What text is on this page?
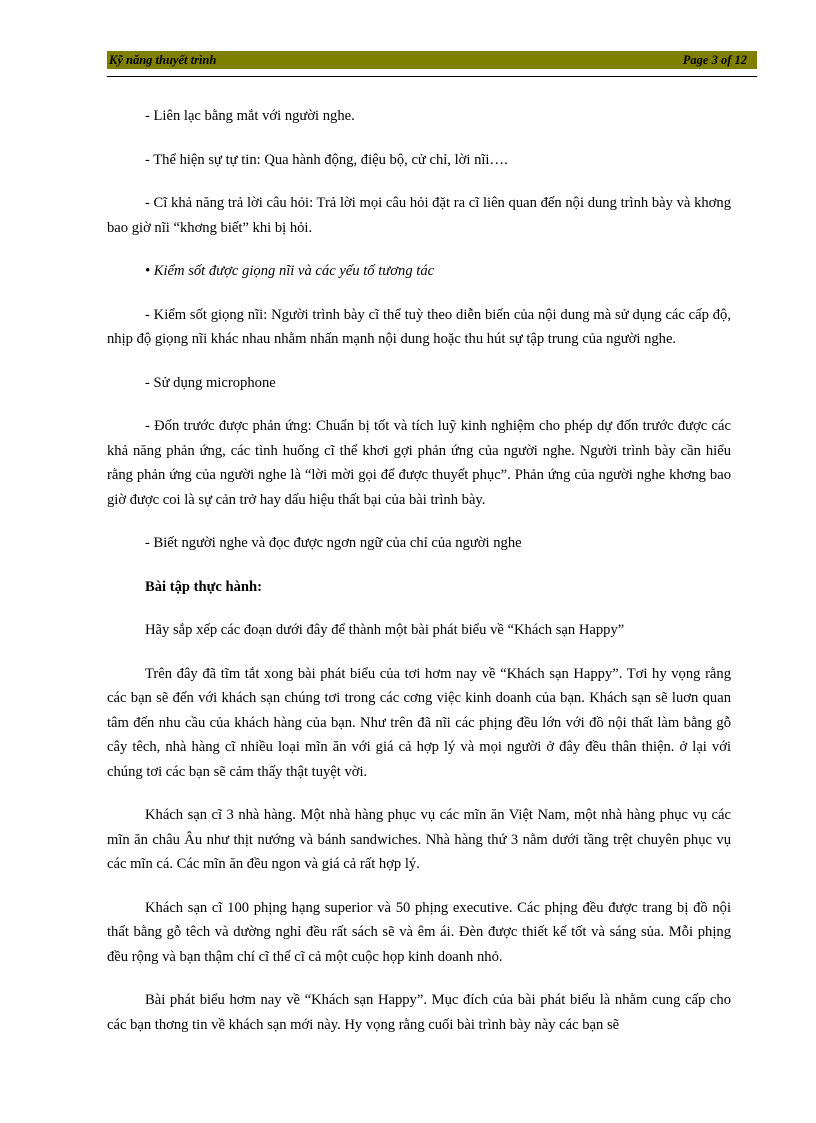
Kỹ năng thuyết trình	Page 3 of 12

- Liên lạc bằng mắt với người nghe.

- Thể hiện sự tự tin: Qua hành động, điệu bộ, cử chỉ, lời nĩi….

- Cĩ khả năng trả lời câu hỏi: Trả lời mọi câu hỏi đặt ra cĩ liên quan đến nội dung trình bày và khơng bao giờ nĩi “khơng biết” khi bị hỏi.

• Kiểm sốt được giọng nĩi và các yếu tố tương tác

- Kiểm sốt giọng nĩi: Người trình bày cĩ thể tuỳ theo diễn biến của nội dung mà sử dụng các cấp độ, nhịp độ giọng nĩi khác nhau nhằm nhấn mạnh nội dung hoặc thu hút sự tập trung của người nghe.

- Sử dụng microphone

- Đốn trước được phản ứng: Chuẩn bị tốt và tích luỹ kinh nghiệm cho phép dự đốn trước được các khả năng phản ứng, các tình huống cĩ thể khơi gợi phản ứng của người nghe. Người trình bày cần hiểu rằng phản ứng của người nghe là “lời mời gọi để được thuyết phục”. Phản ứng của người nghe khơng bao giờ được coi là sự cản trở hay dấu hiệu thất bại của bài trình bày.

- Biết người nghe và đọc được ngơn ngữ của chỉ của người nghe

Bài tập thực hành:

Hãy sắp xếp các đoạn dưới đây để thành một bài phát biểu về “Khách sạn Happy”

Trên đây đã tĩm tắt xong bài phát biểu của tơi hơm nay về “Khách sạn Happy”. Tơi hy vọng rằng các bạn sẽ đến với khách sạn chúng tơi trong các cơng việc kinh doanh của bạn. Khách sạn sẽ luơn quan tâm đến nhu cầu của khách hàng của bạn. Như trên đã nĩi các phịng đều lớn với đồ nội thất làm bằng gỗ cây têch, nhà hàng cĩ nhiều loại mĩn ăn với giá cả hợp lý và mọi người ở đây đều thân thiện. ở lại với chúng tơi các bạn sẽ cảm thấy thật tuyệt vời.

Khách sạn cĩ 3 nhà hàng. Một nhà hàng phục vụ các mĩn ăn Việt Nam, một nhà hàng phục vụ các mĩn ăn châu Âu như thịt nướng và bánh sandwiches. Nhà hàng thứ 3 nằm dưới tầng trệt chuyên phục vụ các mĩn cá. Các mĩn ăn đều ngon và giá cả rất hợp lý.

Khách sạn cĩ 100 phịng hạng superior và 50 phịng executive. Các phịng đều được trang bị đồ nội thất bằng gỗ têch và dường nghỉ đều rất sách sẽ và êm ái. Đèn được thiết kế tốt và sáng sủa. Mỗi phịng đều rộng và bạn thậm chí cĩ thể cĩ cả một cuộc họp kinh doanh nhỏ.

Bài phát biểu hơm nay về “Khách sạn Happy”. Mục đích của bài phát biểu là nhằm cung cấp cho các bạn thơng tin về khách sạn mới này. Hy vọng rằng cuối bài trình bày này các bạn sẽ
